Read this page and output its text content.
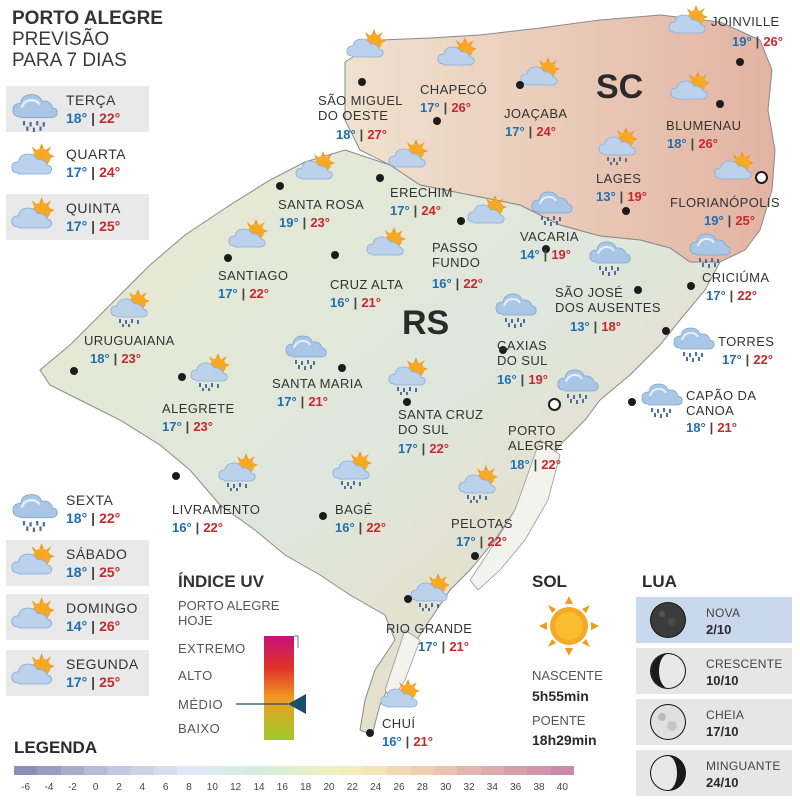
PORTO ALEGRE
PREVISÃO
PARA 7 DIAS
TERÇA
18° | 22°
QUARTA
17° | 24°
QUINTA
17° | 25°
SEXTA
18° | 22°
SÁBADO
18° | 25°
DOMINGO
14° | 26°
SEGUNDA
17° | 25°
SC
RS
JOINVILLE
19° | 26°
CHAPECÓ
17° | 26°
SÃO MIGUEL
DO OESTE
18° | 27°
JOAÇABA
17° | 24°	BLUMENAU
18° | 26°
LAGES
13° | 19° FLORIANÓPOLIS
19° | 25°
SANTA ROSA
19° | 23°
ERECHIM
17° | 24°
VACARIA
14° | 19°
PASSO
FUNDO
16° | 22°
SANTIAGO
17° | 22°
CRUZ ALTA
16° | 21°
CRICIÚMA
17° | 22°
SÃO JOSÉ
DOS AUSENTES
13° | 18°
URUGUAIANA
18° | 23°
CAXIAS
DO SUL
16° | 19°
TORRES
17° | 22°
SANTA MARIA
17° | 21°
ALEGRETE
17° | 23°
SANTA CRUZ
DO SUL
17° | 22°
CAPÃO DA
CANOA
18° | 21°
PORTO
ALEGRE
18° | 22°
LIVRAMENTO
16° | 22°
BAGÉ
16° | 22°	PELOTAS
17° | 22°
RIO GRANDE
17° | 21°
CHUÍ
16° | 21°
ÍNDICE UV
PORTO ALEGRE
HOJE
EXTREMO
ALTO
MÉDIO
BAIXO
SOL
NASCENTE
5h55min
POENTE
18h29min
LUA
NOVA
2/10
CRESCENTE
10/10
CHEIA
17/10
MINGUANTE
24/10
LEGENDA
-6	-4	-2	0	2	4	6	8	10	12	14	16	18	20	22	24	26	28	30	32	34	36	38	40
